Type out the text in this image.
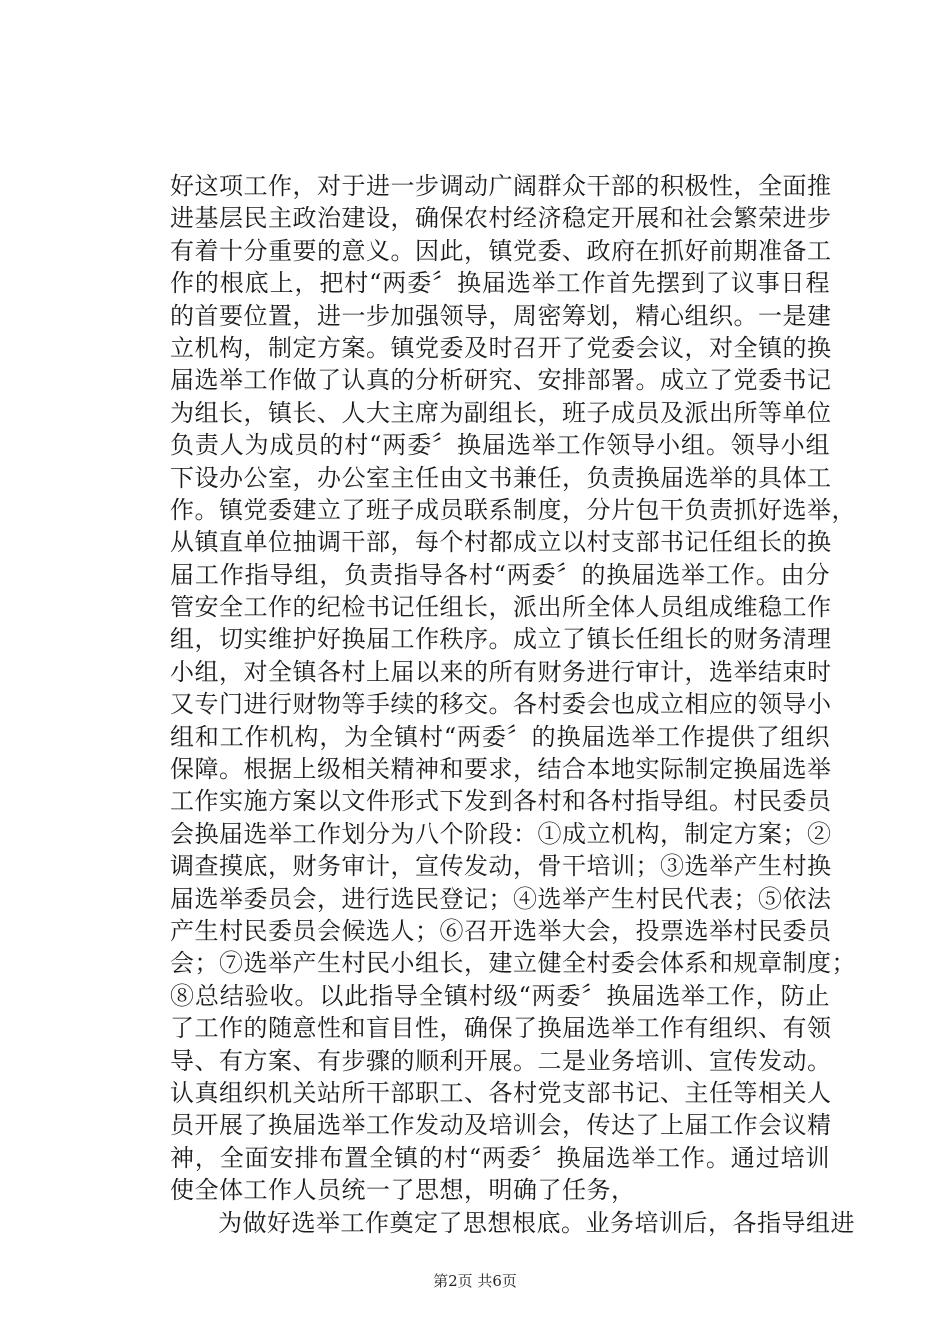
好这项工作，对于进一步调动广阔群众干部的积极性，全面推
进基层民主政治建设，确保农村经济稳定开展和社会繁荣进步
有着十分重要的意义。因此，镇党委、政府在抓好前期准备工
作的根底上，把村“两委〞换届选举工作首先摆到了议事日程
的首要位置，进一步加强领导，周密筹划，精心组织。一是建
立机构，制定方案。镇党委及时召开了党委会议，对全镇的换
届选举工作做了认真的分析研究、安排部署。成立了党委书记
为组长，镇长、人大主席为副组长，班子成员及派出所等单位
负责人为成员的村“两委〞换届选举工作领导小组。领导小组
下设办公室，办公室主任由文书兼任，负责换届选举的具体工
作。镇党委建立了班子成员联系制度，分片包干负责抓好选举，
从镇直单位抽调干部，每个村都成立以村支部书记任组长的换
届工作指导组，负责指导各村“两委〞的换届选举工作。由分
管安全工作的纪检书记任组长，派出所全体人员组成维稳工作
组，切实维护好换届工作秩序。成立了镇长任组长的财务清理
小组，对全镇各村上届以来的所有财务进行审计，选举结束时
又专门进行财物等手续的移交。各村委会也成立相应的领导小
组和工作机构，为全镇村“两委〞的换届选举工作提供了组织
保障。根据上级相关精神和要求，结合本地实际制定换届选举
工作实施方案以文件形式下发到各村和各村指导组。村民委员
会换届选举工作划分为八个阶段：①成立机构，制定方案；②
调查摸底，财务审计，宣传发动，骨干培训；③选举产生村换
届选举委员会，进行选民登记；④选举产生村民代表；⑤依法
产生村民委员会候选人；⑥召开选举大会，投票选举村民委员
会；⑦选举产生村民小组长，建立健全村委会体系和规章制度；
⑧总结验收。以此指导全镇村级“两委〞换届选举工作，防止
了工作的随意性和盲目性，确保了换届选举工作有组织、有领
导、有方案、有步骤的顺利开展。二是业务培训、宣传发动。
认真组织机关站所干部职工、各村党支部书记、主任等相关人
员开展了换届选举工作发动及培训会，传达了上届工作会议精
神，全面安排布置全镇的村“两委〞换届选举工作。通过培训
使全体工作人员统一了思想，明确了任务，
为做好选举工作奠定了思想根底。业务培训后，各指导组进
第2页 共6页
